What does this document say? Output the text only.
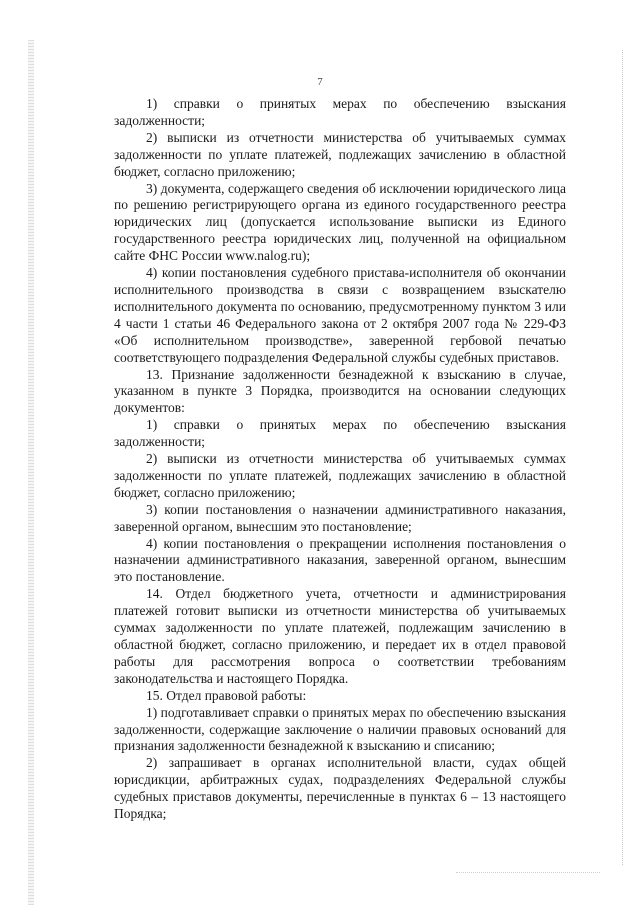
7

1) справки о принятых мерах по обеспечению взыскания задолженности;

2) выписки из отчетности министерства об учитываемых суммах задолженности по уплате платежей, подлежащих зачислению в областной бюджет, согласно приложению;

3) документа, содержащего сведения об исключении юридического лица по решению регистрирующего органа из единого государственного реестра юридических лиц (допускается использование выписки из Единого государственного реестра юридических лиц, полученной на официальном сайте ФНС России www.nalog.ru);

4) копии постановления судебного пристава-исполнителя об окончании исполнительного производства в связи с возвращением взыскателю исполнительного документа по основанию, предусмотренному пунктом 3 или 4 части 1 статьи 46 Федерального закона от 2 октября 2007 года № 229-ФЗ «Об исполнительном производстве», заверенной гербовой печатью соответствующего подразделения Федеральной службы судебных приставов.

13. Признание задолженности безнадежной к взысканию в случае, указанном в пункте 3 Порядка, производится на основании следующих документов:

1) справки о принятых мерах по обеспечению взыскания задолженности;

2) выписки из отчетности министерства об учитываемых суммах задолженности по уплате платежей, подлежащих зачислению в областной бюджет, согласно приложению;

3) копии постановления о назначении административного наказания, заверенной органом, вынесшим это постановление;

4) копии постановления о прекращении исполнения постановления о назначении административного наказания, заверенной органом, вынесшим это постановление.

14. Отдел бюджетного учета, отчетности и администрирования платежей готовит выписки из отчетности министерства об учитываемых суммах задолженности по уплате платежей, подлежащим зачислению в областной бюджет, согласно приложению, и передает их в отдел правовой работы для рассмотрения вопроса о соответствии требованиям законодательства и настоящего Порядка.

15. Отдел правовой работы:

1) подготавливает справки о принятых мерах по обеспечению взыскания задолженности, содержащие заключение о наличии правовых оснований для признания задолженности безнадежной к взысканию и списанию;

2) запрашивает в органах исполнительной власти, судах общей юрисдикции, арбитражных судах, подразделениях Федеральной службы судебных приставов документы, перечисленные в пунктах 6 – 13 настоящего Порядка;
